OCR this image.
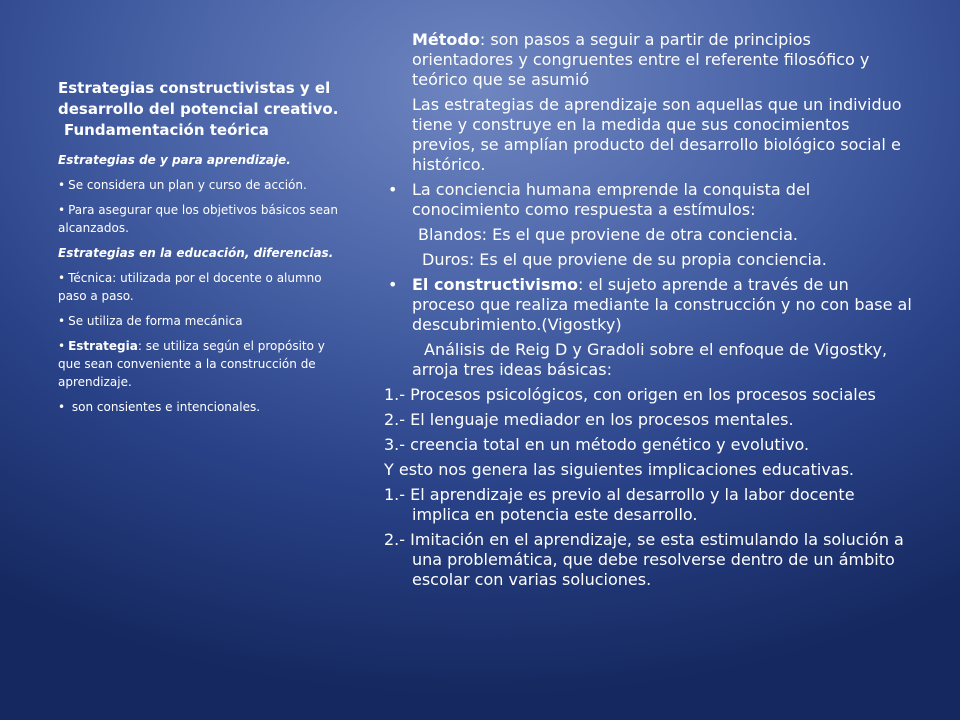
Estrategias constructivistas y el desarrollo del potencial creativo.
Fundamentación teórica

Estrategias de y para aprendizaje.

• Se considera un plan y curso de acción.

• Para asegurar que los objetivos básicos sean alcanzados.

Estrategias en la educación, diferencias.

• Técnica: utilizada por el docente o alumno paso a paso.

• Se utiliza de forma mecánica

• Estrategia: se utiliza según el propósito y que sean conveniente a la construcción de aprendizaje.

• son consientes e intencionales.

Método: son pasos a seguir a partir de principios orientadores y congruentes entre el referente filosófico y teórico que se asumió

Las estrategias de aprendizaje son aquellas que un individuo tiene y construye en la medida que sus conocimientos previos, se amplían producto del desarrollo biológico social e histórico.

• La conciencia humana emprende la conquista del conocimiento como respuesta a estímulos:

Blandos: Es el que proviene de otra conciencia.

Duros: Es el que proviene de su propia conciencia.

• El constructivismo: el sujeto aprende a través de un proceso que realiza mediante la construcción y no con base al descubrimiento.(Vigostky)

Análisis de Reig D y Gradoli sobre el enfoque de Vigostky, arroja tres ideas básicas:

1.- Procesos psicológicos, con origen en los procesos sociales

2.- El lenguaje mediador en los procesos mentales.

3.- creencia total en un método genético y evolutivo.

Y esto nos genera las siguientes implicaciones educativas.

1.- El aprendizaje es previo al desarrollo y la labor docente implica en potencia este desarrollo.

2.- Imitación en el aprendizaje, se esta estimulando la solución a una problemática, que debe resolverse dentro de un ámbito escolar con varias soluciones.
